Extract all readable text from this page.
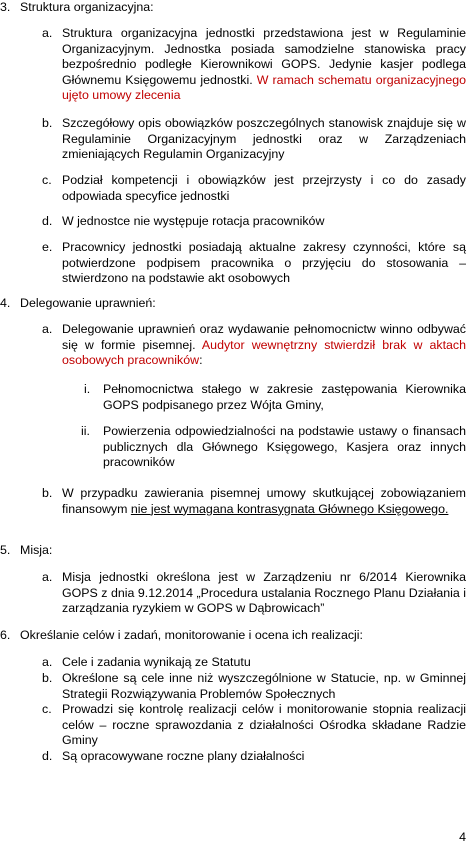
3. Struktura organizacyjna:
a. Struktura organizacyjna jednostki przedstawiona jest w Regulaminie Organizacyjnym. Jednostka posiada samodzielne stanowiska pracy bezpośrednio podległe Kierownikowi GOPS. Jedynie kasjer podlega Głównemu Księgowemu jednostki. W ramach schematu organizacyjnego ujęto umowy zlecenia
b. Szczegółowy opis obowiązków poszczególnych stanowisk znajduje się w Regulaminie Organizacyjnym jednostki oraz w Zarządzeniach zmieniających Regulamin Organizacyjny
c. Podział kompetencji i obowiązków jest przejrzysty i co do zasady odpowiada specyfice jednostki
d. W jednostce nie występuje rotacja pracowników
e. Pracownicy jednostki posiadają aktualne zakresy czynności, które są potwierdzone podpisem pracownika o przyjęciu do stosowania – stwierdzono na podstawie akt osobowych
4. Delegowanie uprawnień:
a. Delegowanie uprawnień oraz wydawanie pełnomocnictw winno odbywać się w formie pisemnej. Audytor wewnętrzny stwierdził brak w aktach osobowych pracowników:
i. Pełnomocnictwa stałego w zakresie zastępowania Kierownika GOPS podpisanego przez Wójta Gminy,
ii. Powierzenia odpowiedzialności na podstawie ustawy o finansach publicznych dla Głównego Księgowego, Kasjera oraz innych pracowników
b. W przypadku zawierania pisemnej umowy skutkującej zobowiązaniem finansowym nie jest wymagana kontrasygnata Głównego Księgowego.
5. Misja:
a. Misja jednostki określona jest w Zarządzeniu nr 6/2014 Kierownika GOPS z dnia 9.12.2014 „Procedura ustalania Rocznego Planu Działania i zarządzania ryzykiem w GOPS w Dąbrowicach”
6. Określanie celów i zadań, monitorowanie i ocena ich realizacji:
a. Cele i zadania wynikają ze Statutu
b. Określone są cele inne niż wyszczególnione w Statucie, np. w Gminnej Strategii Rozwiązywania Problemów Społecznych
c. Prowadzi się kontrolę realizacji celów i monitorowanie stopnia realizacji celów – roczne sprawozdania z działalności Ośrodka składane Radzie Gminy
d. Są opracowywane roczne plany działalności
4
